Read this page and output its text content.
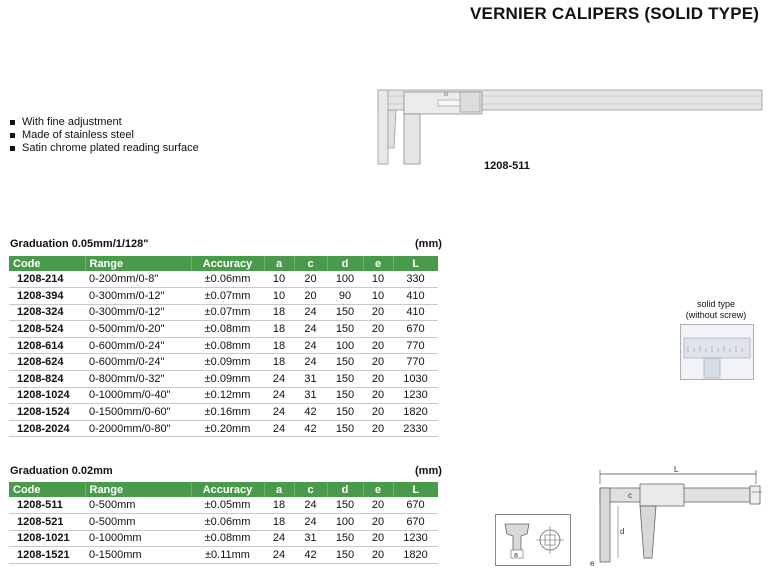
VERNIER CALIPERS (SOLID TYPE)
With fine adjustment
Made of stainless steel
Satin chrome plated reading surface
1208-511
Graduation 0.05mm/1/128"	(mm)
Code	Range	Accuracy	a	c	d	e	L
1208-214	0-200mm/0-8"	±0.06mm	10	20	100	10	330
1208-394	0-300mm/0-12"	±0.07mm	10	20	90	10	410
1208-324	0-300mm/0-12"	±0.07mm	18	24	150	20	410
1208-524	0-500mm/0-20"	±0.08mm	18	24	150	20	670
1208-614	0-600mm/0-24"	±0.08mm	18	24	100	20	770
1208-624	0-600mm/0-24"	±0.09mm	18	24	150	20	770
1208-824	0-800mm/0-32"	±0.09mm	24	31	150	20	1030
1208-1024	0-1000mm/0-40"	±0.12mm	24	31	150	20	1230
1208-1524	0-1500mm/0-60"	±0.16mm	24	42	150	20	1820
1208-2024	0-2000mm/0-80"	±0.20mm	24	42	150	20	2330
Graduation 0.02mm	(mm)
Code	Range	Accuracy	a	c	d	e	L
1208-511	0-500mm	±0.05mm	18	24	150	20	670
1208-521	0-500mm	±0.06mm	18	24	100	20	670
1208-1021	0-1000mm	±0.08mm	24	31	150	20	1230
1208-1521	0-1500mm	±0.11mm	24	42	150	20	1820
solid type
(without screw)
a
L
d
c
e
